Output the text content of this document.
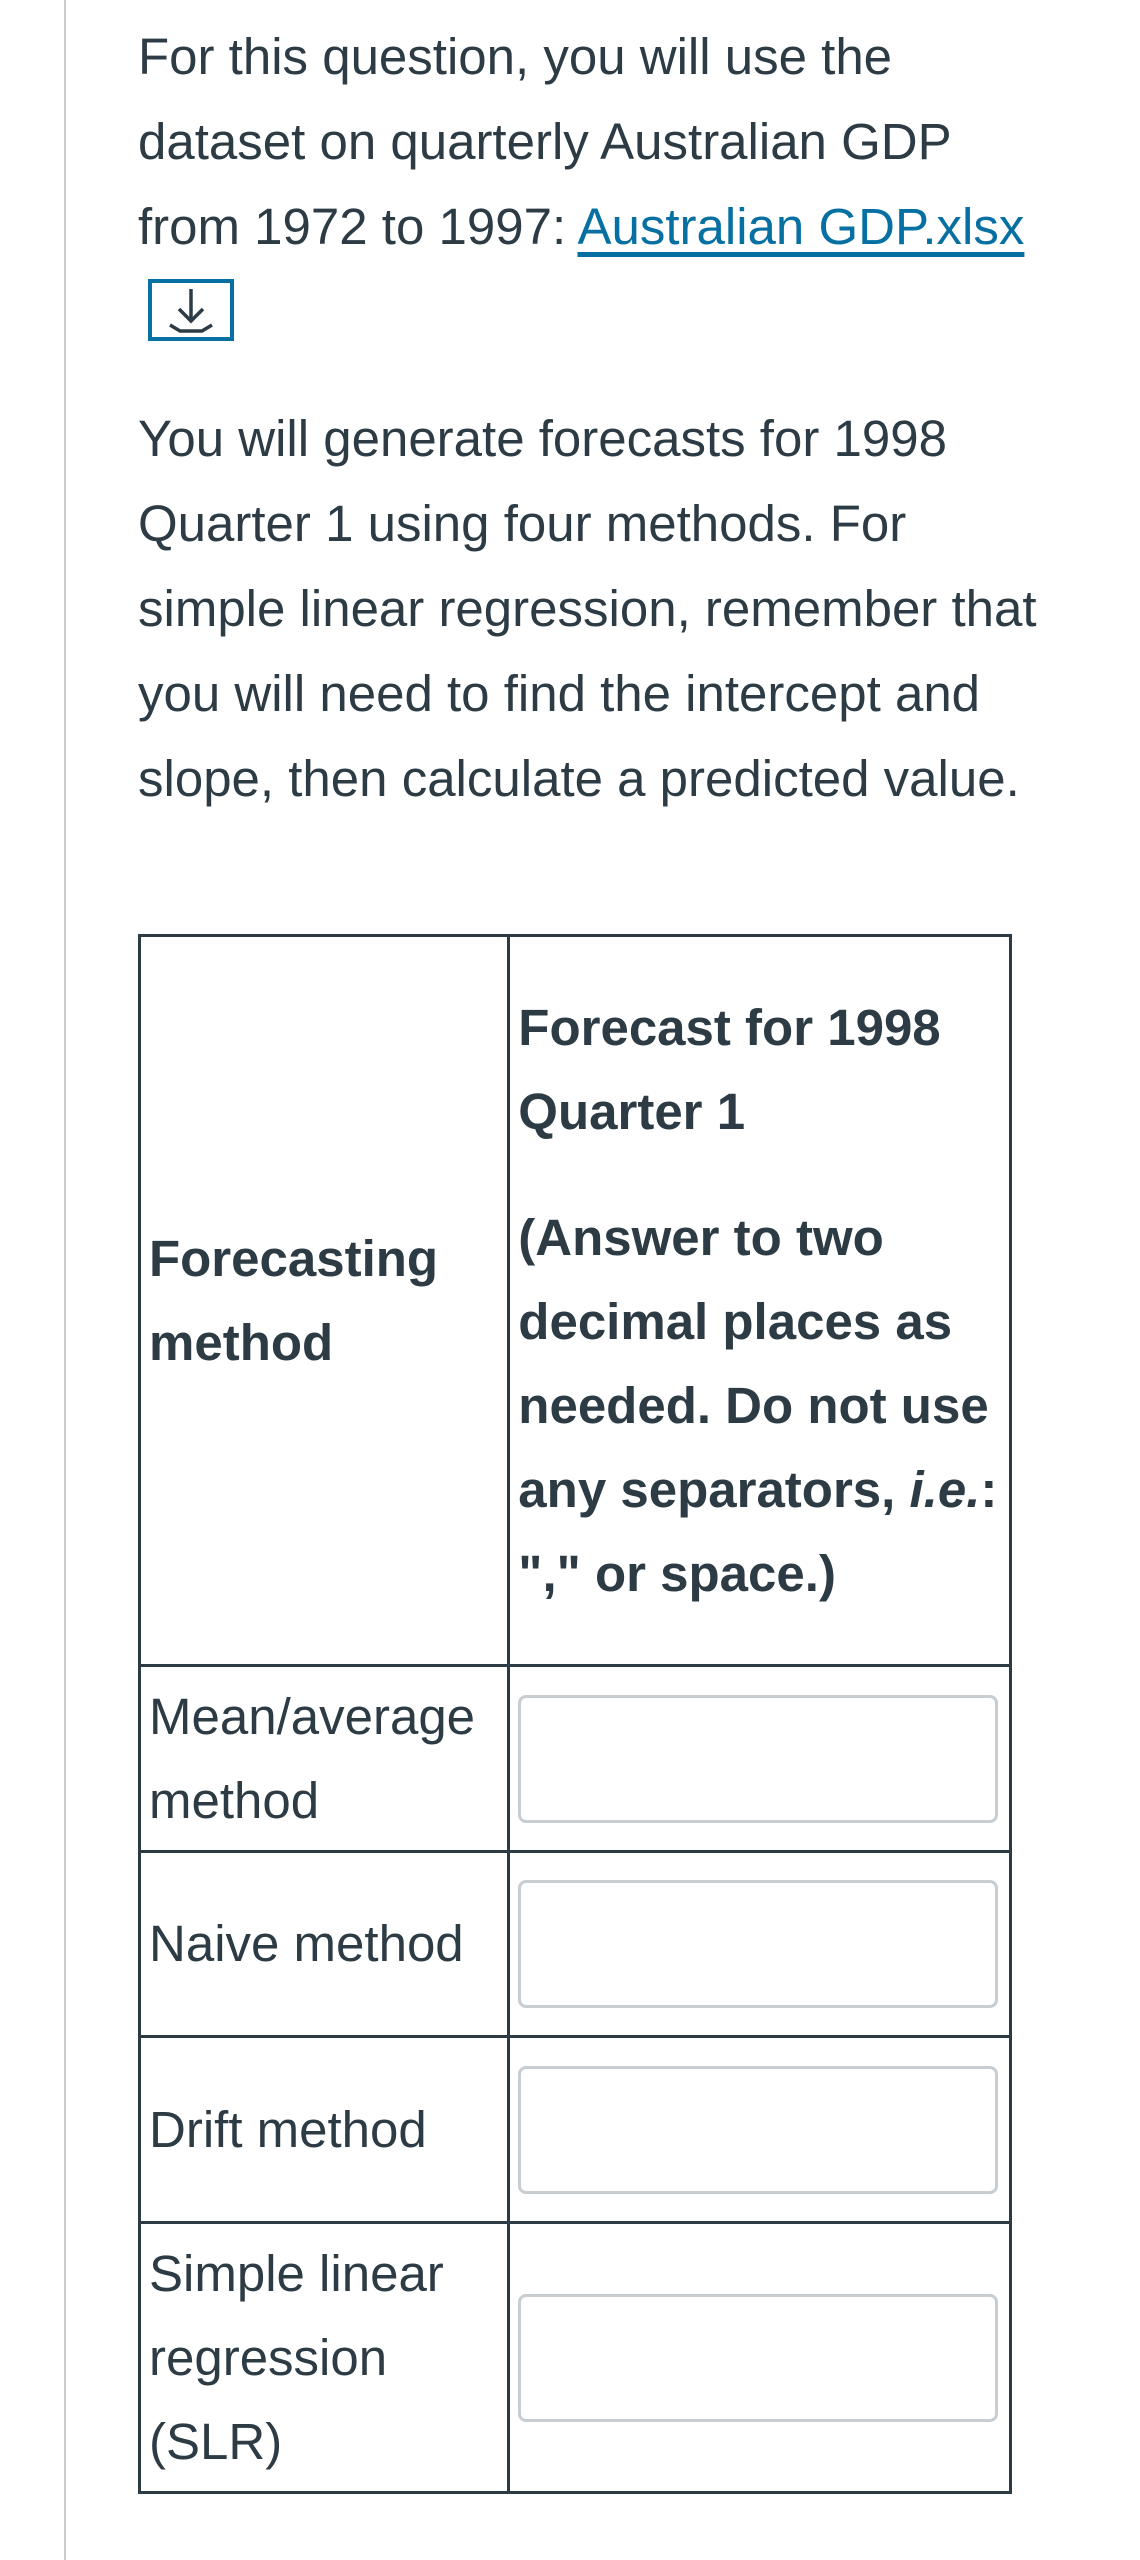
For this question, you will use the dataset on quarterly Australian GDP from 1972 to 1997: Australian GDP.xlsx

You will generate forecasts for 1998 Quarter 1 using four methods. For simple linear regression, remember that you will need to find the intercept and slope, then calculate a predicted value.

Forecasting method	Forecast for 1998 Quarter 1

(Answer to two decimal places as needed. Do not use any separators, i.e.: "," or space.)

Mean/average method	

Naive method	

Drift method	

Simple linear regression (SLR)	
